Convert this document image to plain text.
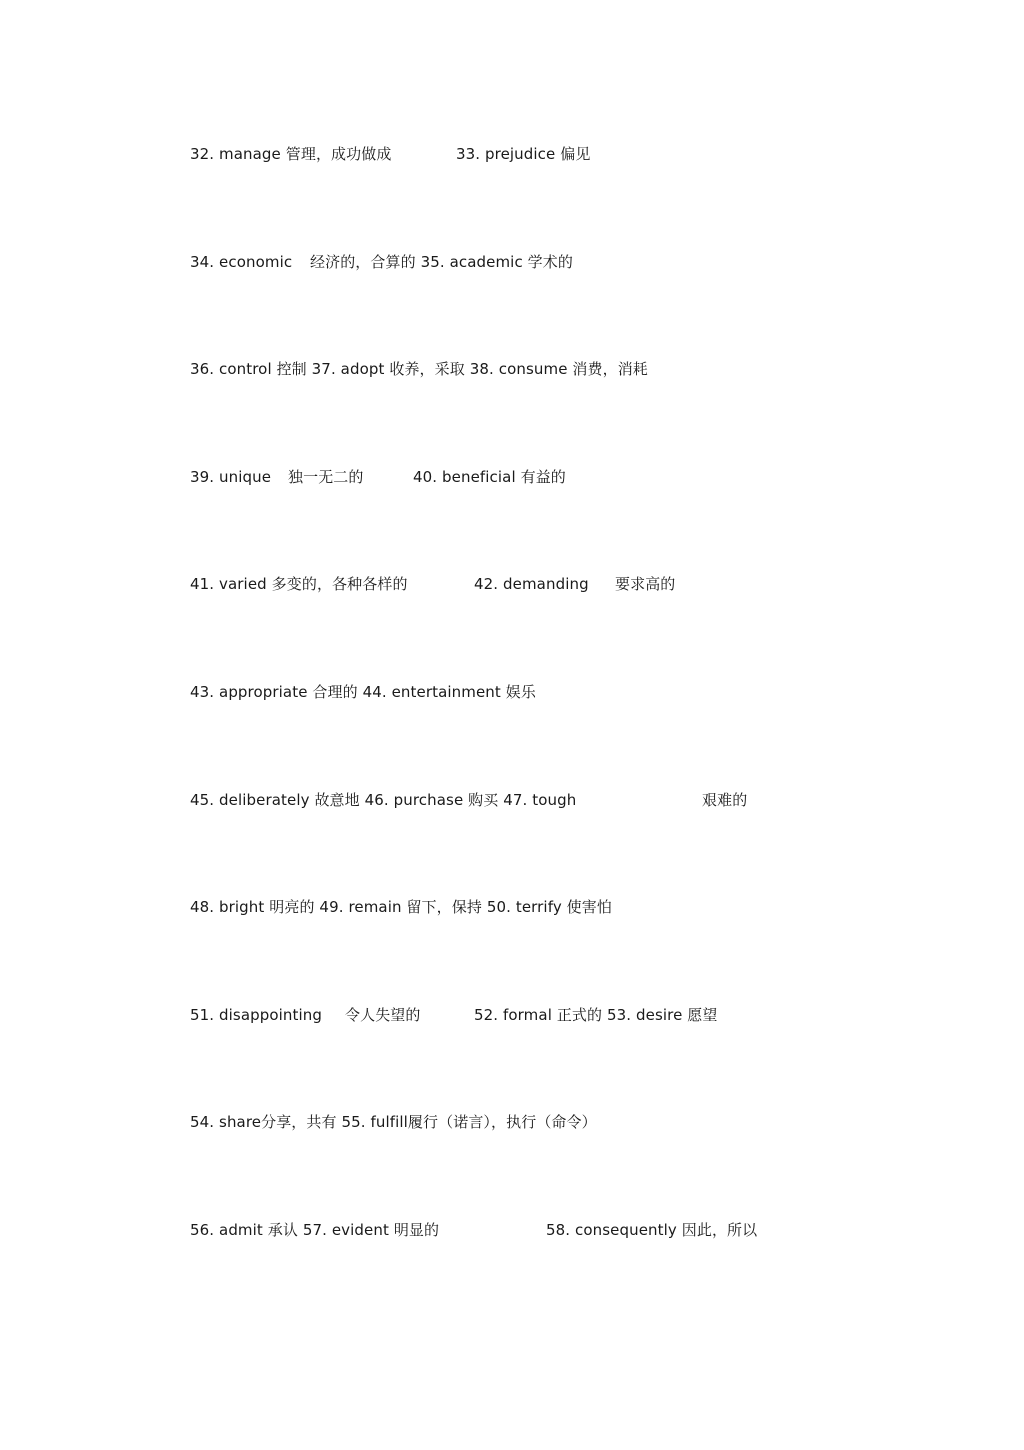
32. manage 管理，成功做成	33. prejudice 偏见
34. economic 经济的，合算的 35. academic 学术的
36. control 控制 37. adopt 收养，采取 38. consume 消费，消耗
39. unique 独一无二的	40. beneficial 有益的
41. varied 多变的，各种各样的	42. demanding 要求高的
43. appropriate 合理的 44. entertainment 娱乐
45. deliberately 故意地 46. purchase 购买 47. tough	艰难的
48. bright 明亮的 49. remain 留下，保持 50. terrify 使害怕
51. disappointing 令人失望的	52. formal 正式的 53. desire 愿望
54. share分享，共有 55. fulfill履行（诺言），执行（命令）
56. admit 承认 57. evident 明显的	58. consequently 因此，所以
